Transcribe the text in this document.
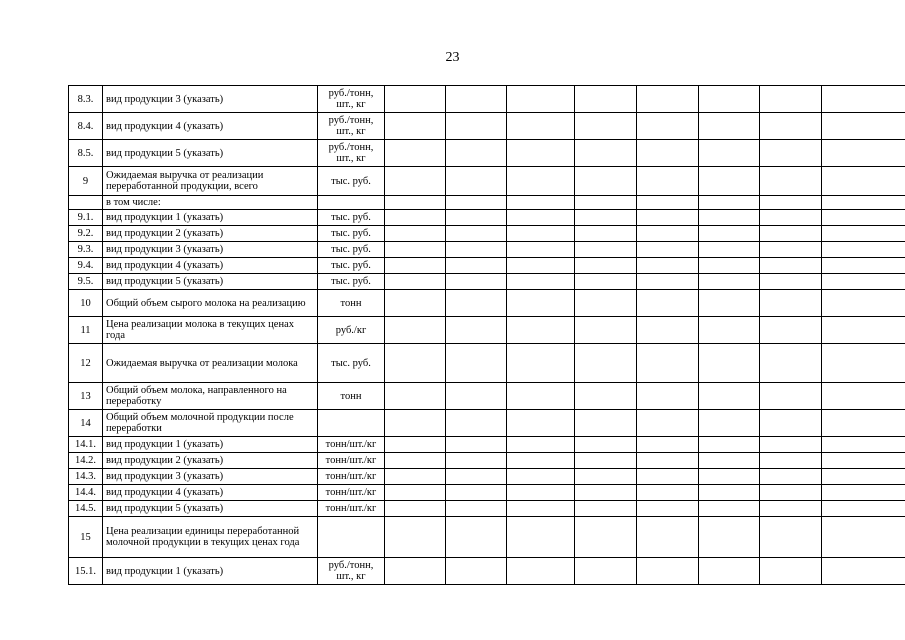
23
8.3.	вид продукции 3 (указать)	руб./тонн, шт., кг								
8.4.	вид продукции 4 (указать)	руб./тонн, шт., кг								
8.5.	вид продукции 5 (указать)	руб./тонн, шт., кг								
9	Ожидаемая выручка от реализации переработанной продукции, всего	тыс. руб.								
	в том числе:									
9.1.	вид продукции 1 (указать)	тыс. руб.								
9.2.	вид продукции 2 (указать)	тыс. руб.								
9.3.	вид продукции 3 (указать)	тыс. руб.								
9.4.	вид продукции 4 (указать)	тыс. руб.								
9.5.	вид продукции 5 (указать)	тыс. руб.								
10	Общий объем сырого молока на реализацию	тонн								
11	Цена реализации молока в текущих ценах года	руб./кг								
12	Ожидаемая выручка от реализации молока	тыс. руб.								
13	Общий объем молока, направленного на переработку	тонн								
14	Общий объем молочной продукции после переработки									
14.1.	вид продукции 1 (указать)	тонн/шт./кг								
14.2.	вид продукции 2 (указать)	тонн/шт./кг								
14.3.	вид продукции 3 (указать)	тонн/шт./кг								
14.4.	вид продукции 4 (указать)	тонн/шт./кг								
14.5.	вид продукции 5 (указать)	тонн/шт./кг								
15	Цена реализации единицы переработанной молочной продукции в текущих ценах года									
15.1.	вид продукции 1 (указать)	руб./тонн, шт., кг								
